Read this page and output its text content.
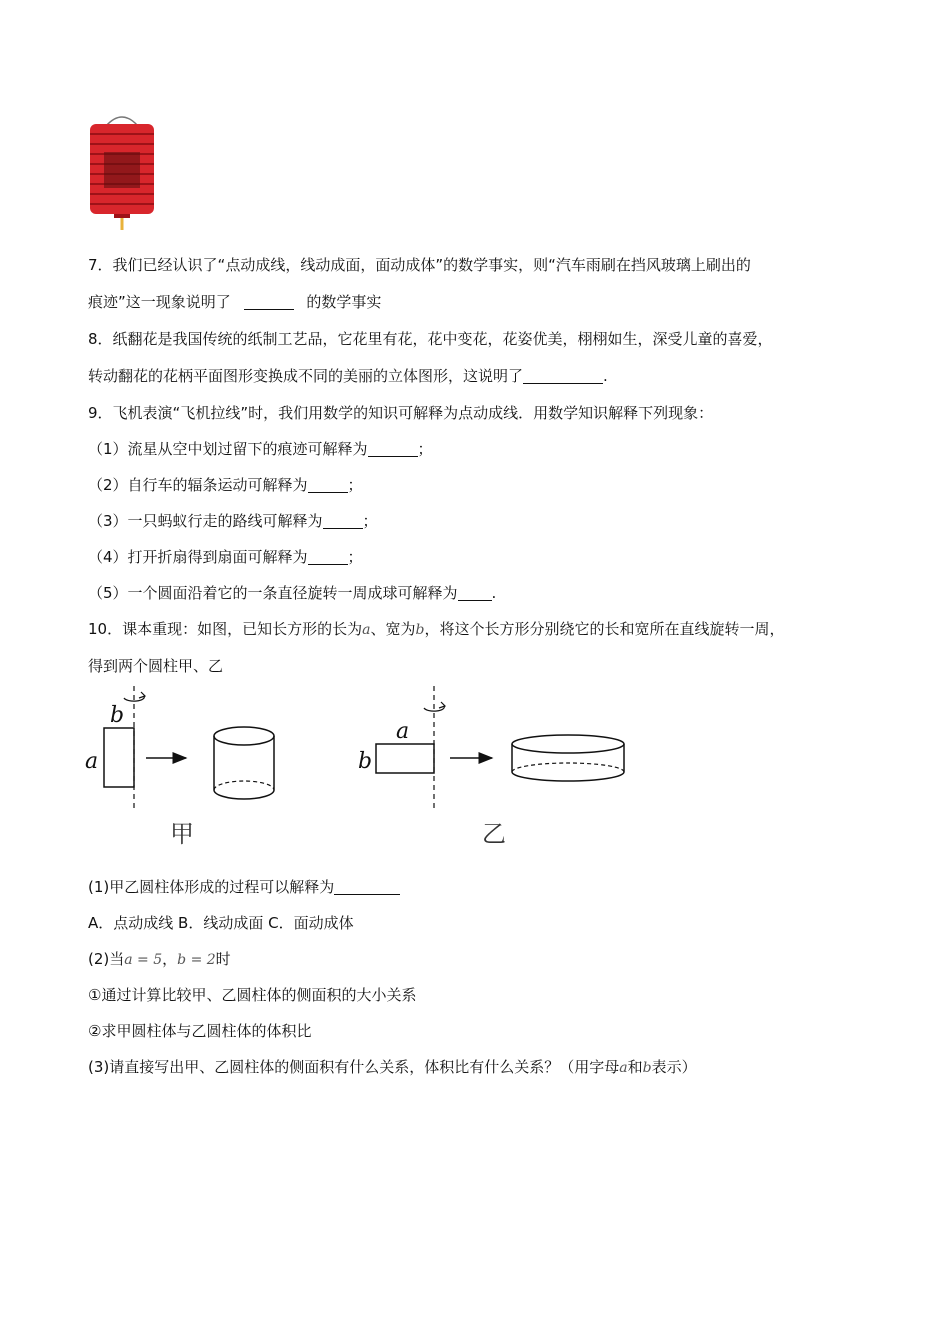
7．我们已经认识了“点动成线，线动成面，面动成体”的数学事实，则“汽车雨刷在挡风玻璃上刷出的
痕迹”这一现象说明了	的数学事实
8．纸翻花是我国传统的纸制工艺品，它花里有花，花中变花，花姿优美，栩栩如生，深受儿童的喜爱，
转动翻花的花柄平面图形变换成不同的美丽的立体图形，这说明了	.
9．飞机表演“飞机拉线”时，我们用数学的知识可解释为点动成线．用数学知识解释下列现象：
（1）流星从空中划过留下的痕迹可解释为	；
（2）自行车的辐条运动可解释为	；
（3）一只蚂蚁行走的路线可解释为	；
（4）打开折扇得到扇面可解释为	；
（5）一个圆面沿着它的一条直径旋转一周成球可解释为 .
10．课本重现：如图，已知长方形的长为a、宽为b，将这个长方形分别绕它的长和宽所在直线旋转一周，
得到两个圆柱甲、乙
b
a
甲
a
b
乙
(1)甲乙圆柱体形成的过程可以解释为
A．点动成线 B．线动成面 C．面动成体
(2)当a = 5，b = 2时
①通过计算比较甲、乙圆柱体的侧面积的大小关系
②求甲圆柱体与乙圆柱体的体积比
(3)请直接写出甲、乙圆柱体的侧面积有什么关系，体积比有什么关系？（用字母a和b表示）
